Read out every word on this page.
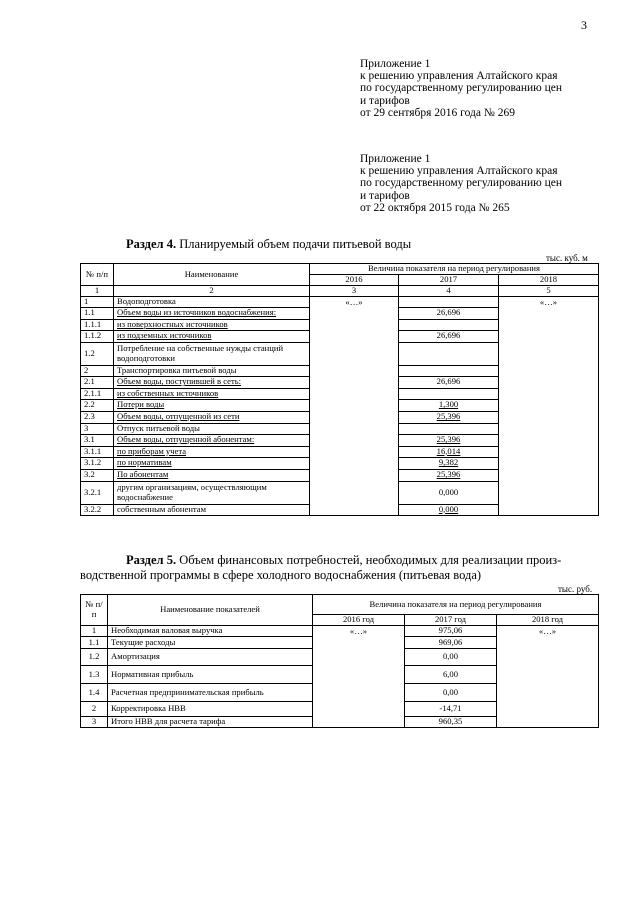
3
Приложение 1
к решению управления Алтайского края
по государственному регулированию цен
и тарифов
от 29 сентября 2016 года № 269
Приложение 1
к решению управления Алтайского края
по государственному регулированию цен
и тарифов
от 22 октября 2015 года № 265
Раздел 4. Планируемый объем подачи питьевой воды
тыс. куб. м
№ п/п	Наименование	Величина показателя на период регулирования		
		2016	2017	2018
1	2	3	4	5
1	Водоподготовка	«…»		«…»
1.1	Объем воды из источников водоснабжения:		26,696	
1.1.1	из поверхностных источников			
1.1.2	из подземных источников		26,696	
1.2	Потребление на собственные нужды станций водоподготовки			
2	Транспортировка питьевой воды			
2.1	Объем воды, поступившей в сеть:		26,696	
2.1.1	из собственных источников			
2.2	Потери воды		1,300	
2.3	Объем воды, отпущенной из сети		25,396	
3	Отпуск питьевой воды			
3.1	Объем воды, отпущенной абонентам:		25,396	
3.1.1	по приборам учета		16,014	
3.1.2	по нормативам		9,382	
3.2	По абонентам		25,396	
3.2.1	другим организациям, осуществляющим водоснабжение		0,000	
3.2.2	собственным абонентам		0,000	
Раздел 5. Объем финансовых потребностей, необходимых для реализации произ-
водственной программы в сфере холодного водоснабжения (питьевая вода)
тыс. руб.
№ п/п	Наименование показателей	Величина показателя на период регулирования		
		2016 год	2017 год	2018 год
1	Необходимая валовая выручка	«…»	975,06	«…»
1.1	Текущие расходы		969,06	
1.2	Амортизация		0,00	
1.3	Нормативная прибыль		6,00	
1.4	Расчетная предпринимательская прибыль		0,00	
2	Корректировка НВВ		-14,71	
3	Итого НВВ для расчета тарифа		960,35	
